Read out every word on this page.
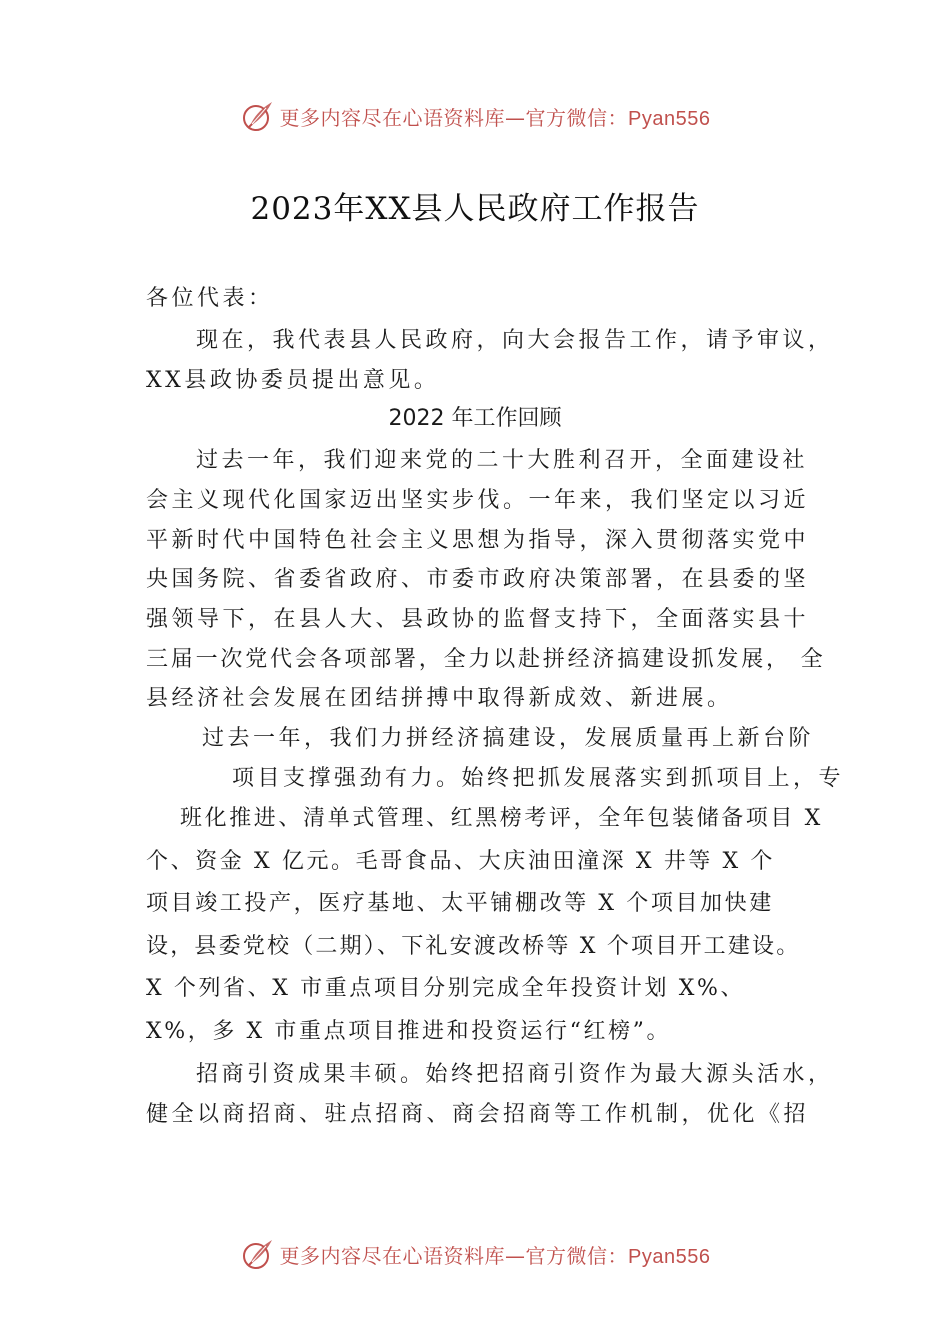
更多内容尽在心语资料库—官方微信：Pyan556
2023年XX县人民政府工作报告
各位代表：
现在，我代表县人民政府，向大会报告工作，请予审议，
XX县政协委员提出意见。
2022 年工作回顾
过去一年，我们迎来党的二十大胜利召开，全面建设社
会主义现代化国家迈出坚实步伐。一年来，我们坚定以习近
平新时代中国特色社会主义思想为指导，深入贯彻落实党中
央国务院、省委省政府、市委市政府决策部署，在县委的坚
强领导下，在县人大、县政协的监督支持下，全面落实县十
三届一次党代会各项部署，全力以赴拼经济搞建设抓发展， 全
县经济社会发展在团结拼搏中取得新成效、新进展。
过去一年，我们力拼经济搞建设，发展质量再上新台阶
项目支撑强劲有力。始终把抓发展落实到抓项目上，专
班化推进、清单式管理、红黑榜考评，全年包装储备项目 X
个、资金 X 亿元。毛哥食品、大庆油田潼深 X 井等 X 个
项目竣工投产，医疗基地、太平铺棚改等 X 个项目加快建
设，县委党校（二期）、下礼安渡改桥等 X 个项目开工建设。
X 个列省、X 市重点项目分别完成全年投资计划 X%、
X%，多 X 市重点项目推进和投资运行“红榜”。
招商引资成果丰硕。始终把招商引资作为最大源头活水，
健全以商招商、驻点招商、商会招商等工作机制，优化《招
更多内容尽在心语资料库—官方微信：Pyan556
